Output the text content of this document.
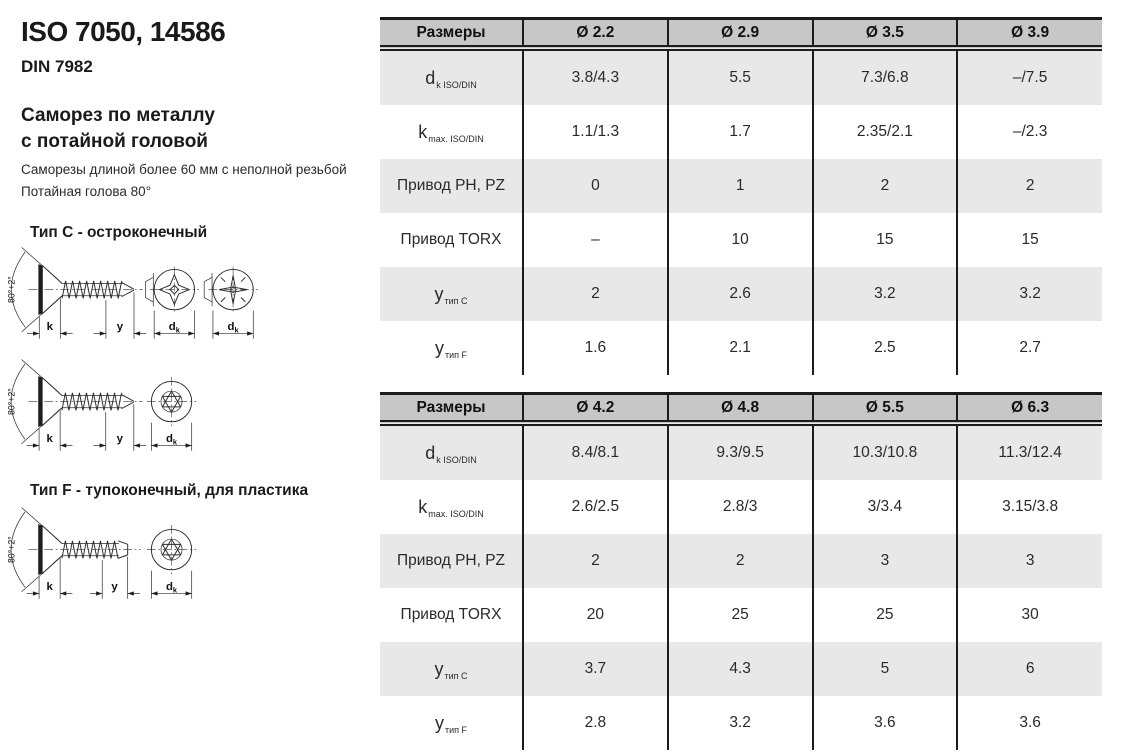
ISO 7050, 14586
DIN 7982
Саморез по металлу
с потайной головой
Саморезы длиной более 60 мм с неполной резьбой
Потайная голова 80°
Тип C - остроконечный
Тип F - тупоконечный, для пластика
80°+2°
k	y	$d_k$	$d_k$
80°+2°
k	y	$d_k$
80°+2°
k	y	$d_k$
Размеры	Ø 2.2	Ø 2.9	Ø 3.5	Ø 3.9
$d_{k ISO/DIN}$	3.8/4.3	5.5	7.3/6.8	–/7.5
$k_{max. ISO/DIN}$	1.1/1.3	1.7	2.35/2.1	–/2.3
Привод PH, PZ	0	1	2	2
Привод TORX	–	10	15	15
$y_{тип C}$	2	2.6	3.2	3.2
$y_{тип F}$	1.6	2.1	2.5	2.7
Размеры	Ø 4.2	Ø 4.8	Ø 5.5	Ø 6.3
$d_{k ISO/DIN}$	8.4/8.1	9.3/9.5	10.3/10.8	11.3/12.4
$k_{max. ISO/DIN}$	2.6/2.5	2.8/3	3/3.4	3.15/3.8
Привод PH, PZ	2	2	3	3
Привод TORX	20	25	25	30
$y_{тип C}$	3.7	4.3	5	6
$y_{тип F}$	2.8	3.2	3.6	3.6
